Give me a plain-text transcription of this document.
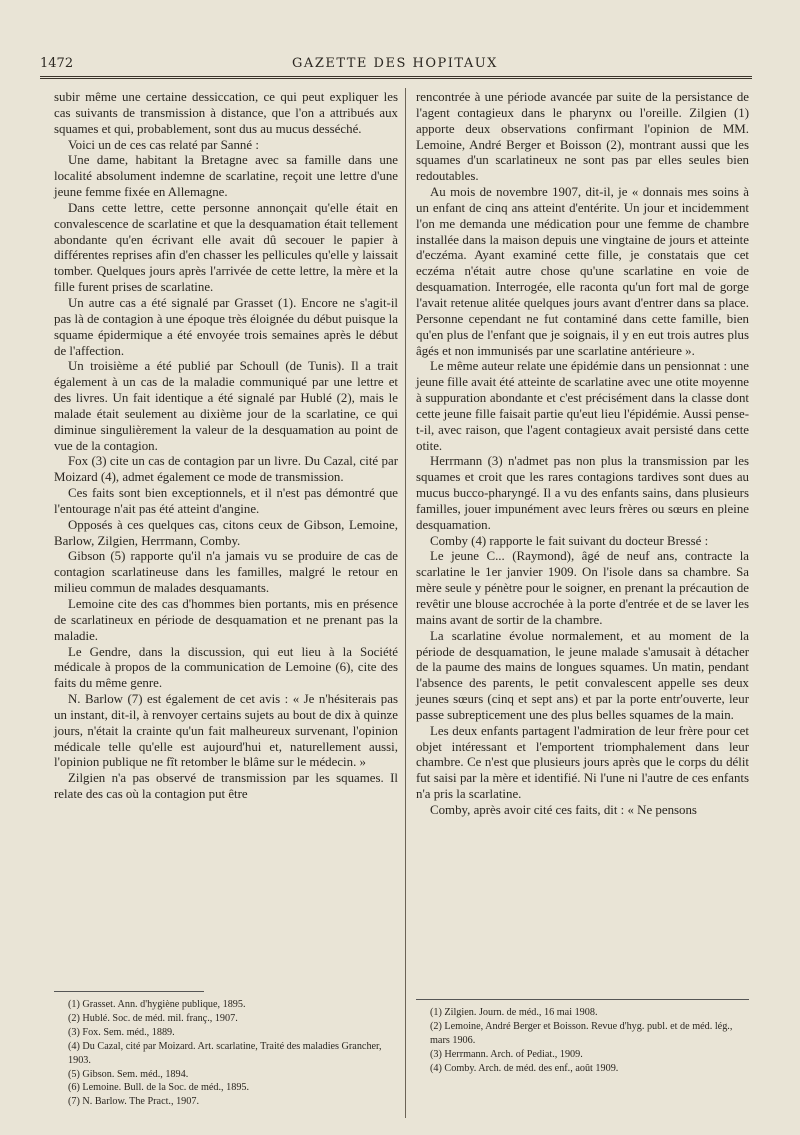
1472	GAZETTE DES HOPITAUX

subir même une certaine dessiccation, ce qui peut expliquer les cas suivants de transmission à distance, que l'on a attribués aux squames et qui, probablement, sont dus au mucus desséché.

Voici un de ces cas relaté par Sanné :

Une dame, habitant la Bretagne avec sa famille dans une localité absolument indemne de scarlatine, reçoit une lettre d'une jeune femme fixée en Allemagne.

Dans cette lettre, cette personne annonçait qu'elle était en convalescence de scarlatine et que la desquamation était tellement abondante qu'en écrivant elle avait dû secouer le papier à différentes reprises afin d'en chasser les pellicules qu'elle y laissait tomber. Quelques jours après l'arrivée de cette lettre, la mère et la fille furent prises de scarlatine.

Un autre cas a été signalé par Grasset (1). Encore ne s'agit-il pas là de contagion à une époque très éloignée du début puisque la squame épidermique a été envoyée trois semaines après le début de l'affection.

Un troisième a été publié par Schoull (de Tunis). Il a trait également à un cas de la maladie communiqué par une lettre et des livres. Un fait identique a été signalé par Hublé (2), mais le malade était seulement au dixième jour de la scarlatine, ce qui diminue singulièrement la valeur de la desquamation au point de vue de la contagion.

Fox (3) cite un cas de contagion par un livre. Du Cazal, cité par Moizard (4), admet également ce mode de transmission.

Ces faits sont bien exceptionnels, et il n'est pas démontré que l'entourage n'ait pas été atteint d'angine.

Opposés à ces quelques cas, citons ceux de Gibson, Lemoine, Barlow, Zilgien, Herrmann, Comby.

Gibson (5) rapporte qu'il n'a jamais vu se produire de cas de contagion scarlatineuse dans les familles, malgré le retour en milieu commun de malades desquamants.

Lemoine cite des cas d'hommes bien portants, mis en présence de scarlatineux en période de desquamation et ne prenant pas la maladie.

Le Gendre, dans la discussion, qui eut lieu à la Société médicale à propos de la communication de Lemoine (6), cite des faits du même genre.

N. Barlow (7) est également de cet avis : « Je n'hésiterais pas un instant, dit-il, à renvoyer certains sujets au bout de dix à quinze jours, n'était la crainte qu'un fait malheureux survenant, l'opinion médicale telle qu'elle est aujourd'hui et, naturellement aussi, l'opinion publique ne fît retomber le blâme sur le médecin. »

Zilgien n'a pas observé de transmission par les squames. Il relate des cas où la contagion put être

rencontrée à une période avancée par suite de la persistance de l'agent contagieux dans le pharynx ou l'oreille. Zilgien (1) apporte deux observations confirmant l'opinion de MM. Lemoine, André Berger et Boisson (2), montrant aussi que les squames d'un scarlatineux ne sont pas par elles seules bien redoutables.

Au mois de novembre 1907, dit-il, je « donnais mes soins à un enfant de cinq ans atteint d'entérite. Un jour et incidemment l'on me demanda une médication pour une femme de chambre installée dans la maison depuis une vingtaine de jours et atteinte d'eczéma. Ayant examiné cette fille, je constatais que cet eczéma n'était autre chose qu'une scarlatine en voie de desquamation. Interrogée, elle raconta qu'un fort mal de gorge l'avait retenue alitée quelques jours avant d'entrer dans sa place. Personne cependant ne fut contaminé dans cette famille, bien qu'en plus de l'enfant que je soignais, il y en eut trois autres plus âgés et non immunisés par une scarlatine antérieure ».

Le même auteur relate une épidémie dans un pensionnat : une jeune fille avait été atteinte de scarlatine avec une otite moyenne à suppuration abondante et c'est précisément dans la classe dont cette jeune fille faisait partie qu'eut lieu l'épidémie. Aussi pense-t-il, avec raison, que l'agent contagieux avait persisté dans cette otite.

Herrmann (3) n'admet pas non plus la transmission par les squames et croit que les rares contagions tardives sont dues au mucus bucco-pharyngé. Il a vu des enfants sains, dans plusieurs familles, jouer impunément avec leurs frères ou sœurs en pleine desquamation.

Comby (4) rapporte le fait suivant du docteur Bressé :

Le jeune C... (Raymond), âgé de neuf ans, contracte la scarlatine le 1er janvier 1909. On l'isole dans sa chambre. Sa mère seule y pénètre pour le soigner, en prenant la précaution de revêtir une blouse accrochée à la porte d'entrée et de se laver les mains avant de sortir de la chambre.

La scarlatine évolue normalement, et au moment de la période de desquamation, le jeune malade s'amusait à détacher de la paume des mains de longues squames. Un matin, pendant l'absence des parents, le petit convalescent appelle ses deux jeunes sœurs (cinq et sept ans) et par la porte entr'ouverte, leur passe subrepticement une des plus belles squames de la main.

Les deux enfants partagent l'admiration de leur frère pour cet objet intéressant et l'emportent triomphalement dans leur chambre. Ce n'est que plusieurs jours après que le corps du délit fut saisi par la mère et identifié. Ni l'une ni l'autre de ces enfants n'a pris la scarlatine.

Comby, après avoir cité ces faits, dit : « Ne pensons

(1) Grasset. Ann. d'hygiène publique, 1895.
(2) Hublé. Soc. de méd. mil. franç., 1907.
(3) Fox. Sem. méd., 1889.
(4) Du Cazal, cité par Moizard. Art. scarlatine, Traité des maladies Grancher, 1903.
(5) Gibson. Sem. méd., 1894.
(6) Lemoine. Bull. de la Soc. de méd., 1895.
(7) N. Barlow. The Pract., 1907.
(1) Zilgien. Journ. de méd., 16 mai 1908.
(2) Lemoine, André Berger et Boisson. Revue d'hyg. publ. et de méd. lég., mars 1906.
(3) Herrmann. Arch. of Pediat., 1909.
(4) Comby. Arch. de méd. des enf., août 1909.
